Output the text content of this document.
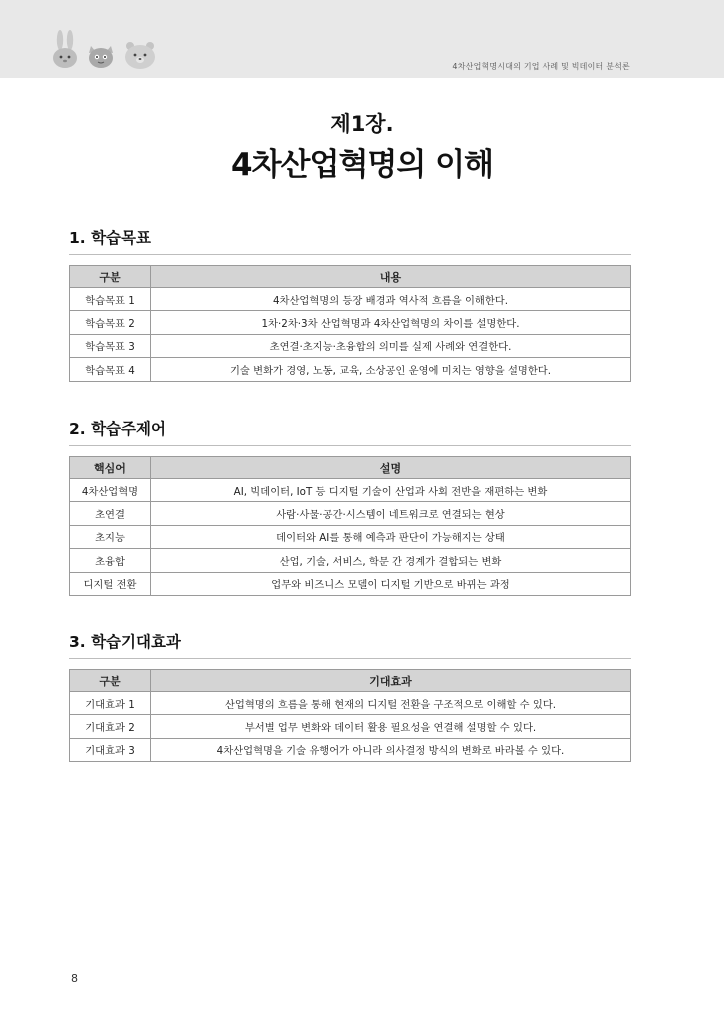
4차산업혁명시대의 기업 사례 및 빅데이터 분석론
제1장.
4차산업혁명의 이해
1. 학습목표
구분	내용
학습목표 1	4차산업혁명의 등장 배경과 역사적 흐름을 이해한다.
학습목표 2	1차·2차·3차 산업혁명과 4차산업혁명의 차이를 설명한다.
학습목표 3	초연결·초지능·초융합의 의미를 실제 사례와 연결한다.
학습목표 4	기술 변화가 경영, 노동, 교육, 소상공인 운영에 미치는 영향을 설명한다.
2. 학습주제어
핵심어	설명
4차산업혁명	AI, 빅데이터, IoT 등 디지털 기술이 산업과 사회 전반을 재편하는 변화
초연결	사람·사물·공간·시스템이 네트워크로 연결되는 현상
초지능	데이터와 AI를 통해 예측과 판단이 가능해지는 상태
초융합	산업, 기술, 서비스, 학문 간 경계가 결합되는 변화
디지털 전환	업무와 비즈니스 모델이 디지털 기반으로 바뀌는 과정
3. 학습기대효과
구분	기대효과
기대효과 1	산업혁명의 흐름을 통해 현재의 디지털 전환을 구조적으로 이해할 수 있다.
기대효과 2	부서별 업무 변화와 데이터 활용 필요성을 연결해 설명할 수 있다.
기대효과 3	4차산업혁명을 기술 유행어가 아니라 의사결정 방식의 변화로 바라볼 수 있다.
8
